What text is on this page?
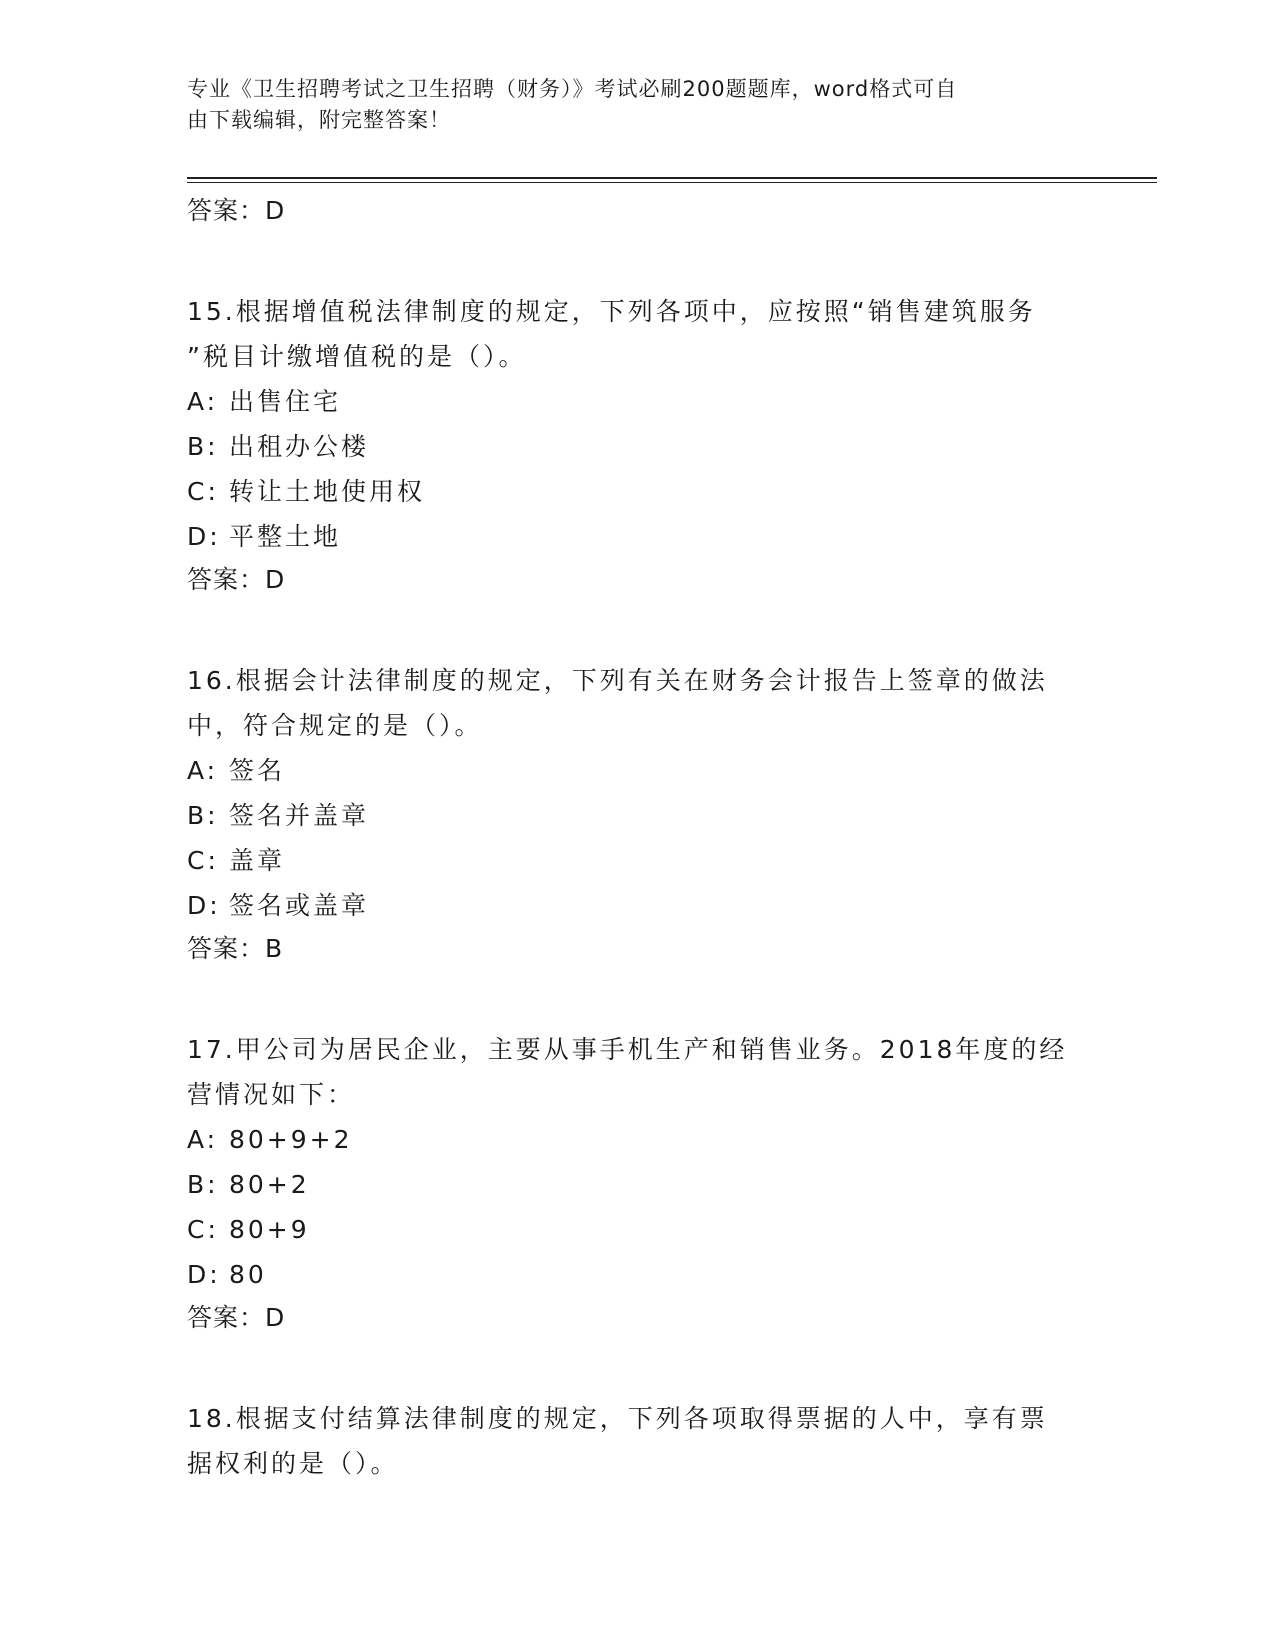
专业《卫生招聘考试之卫生招聘（财务）》考试必刷200题题库，word格式可自
由下载编辑，附完整答案！
答案：D
15.根据增值税法律制度的规定，下列各项中，应按照“销售建筑服务
”税目计缴增值税的是（）。
A: 出售住宅
B: 出租办公楼
C: 转让土地使用权
D: 平整土地
答案：D
16.根据会计法律制度的规定，下列有关在财务会计报告上签章的做法
中，符合规定的是（）。
A: 签名
B: 签名并盖章
C: 盖章
D: 签名或盖章
答案：B
17.甲公司为居民企业，主要从事手机生产和销售业务。2018年度的经
营情况如下：
A: 80+9+2
B: 80+2
C: 80+9
D: 80
答案：D
18.根据支付结算法律制度的规定，下列各项取得票据的人中，享有票
据权利的是（）。
